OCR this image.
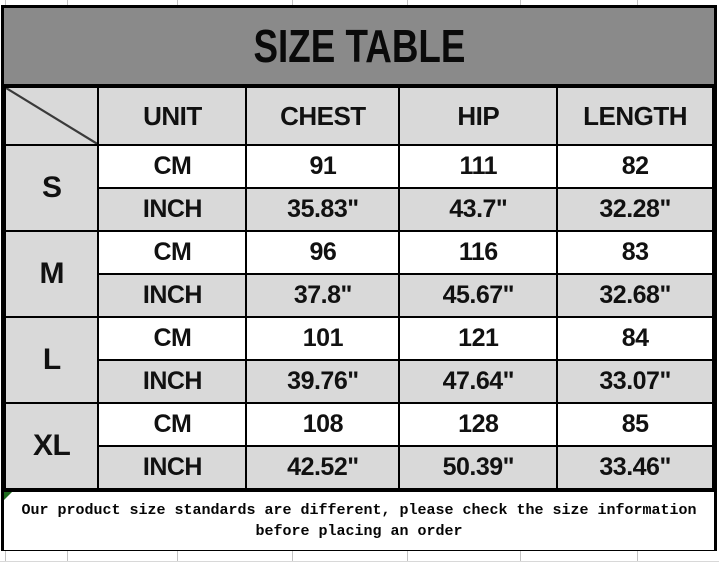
SIZE TABLE
	UNIT	CHEST	HIP	LENGTH
S	CM	91	111	82
	INCH	35.83"	43.7"	32.28"
M	CM	96	116	83
	INCH	37.8"	45.67"	32.68"
L	CM	101	121	84
	INCH	39.76"	47.64"	33.07"
XL	CM	108	128	85
	INCH	42.52"	50.39"	33.46"
Our product size standards are different, please check the size information
before placing an order
